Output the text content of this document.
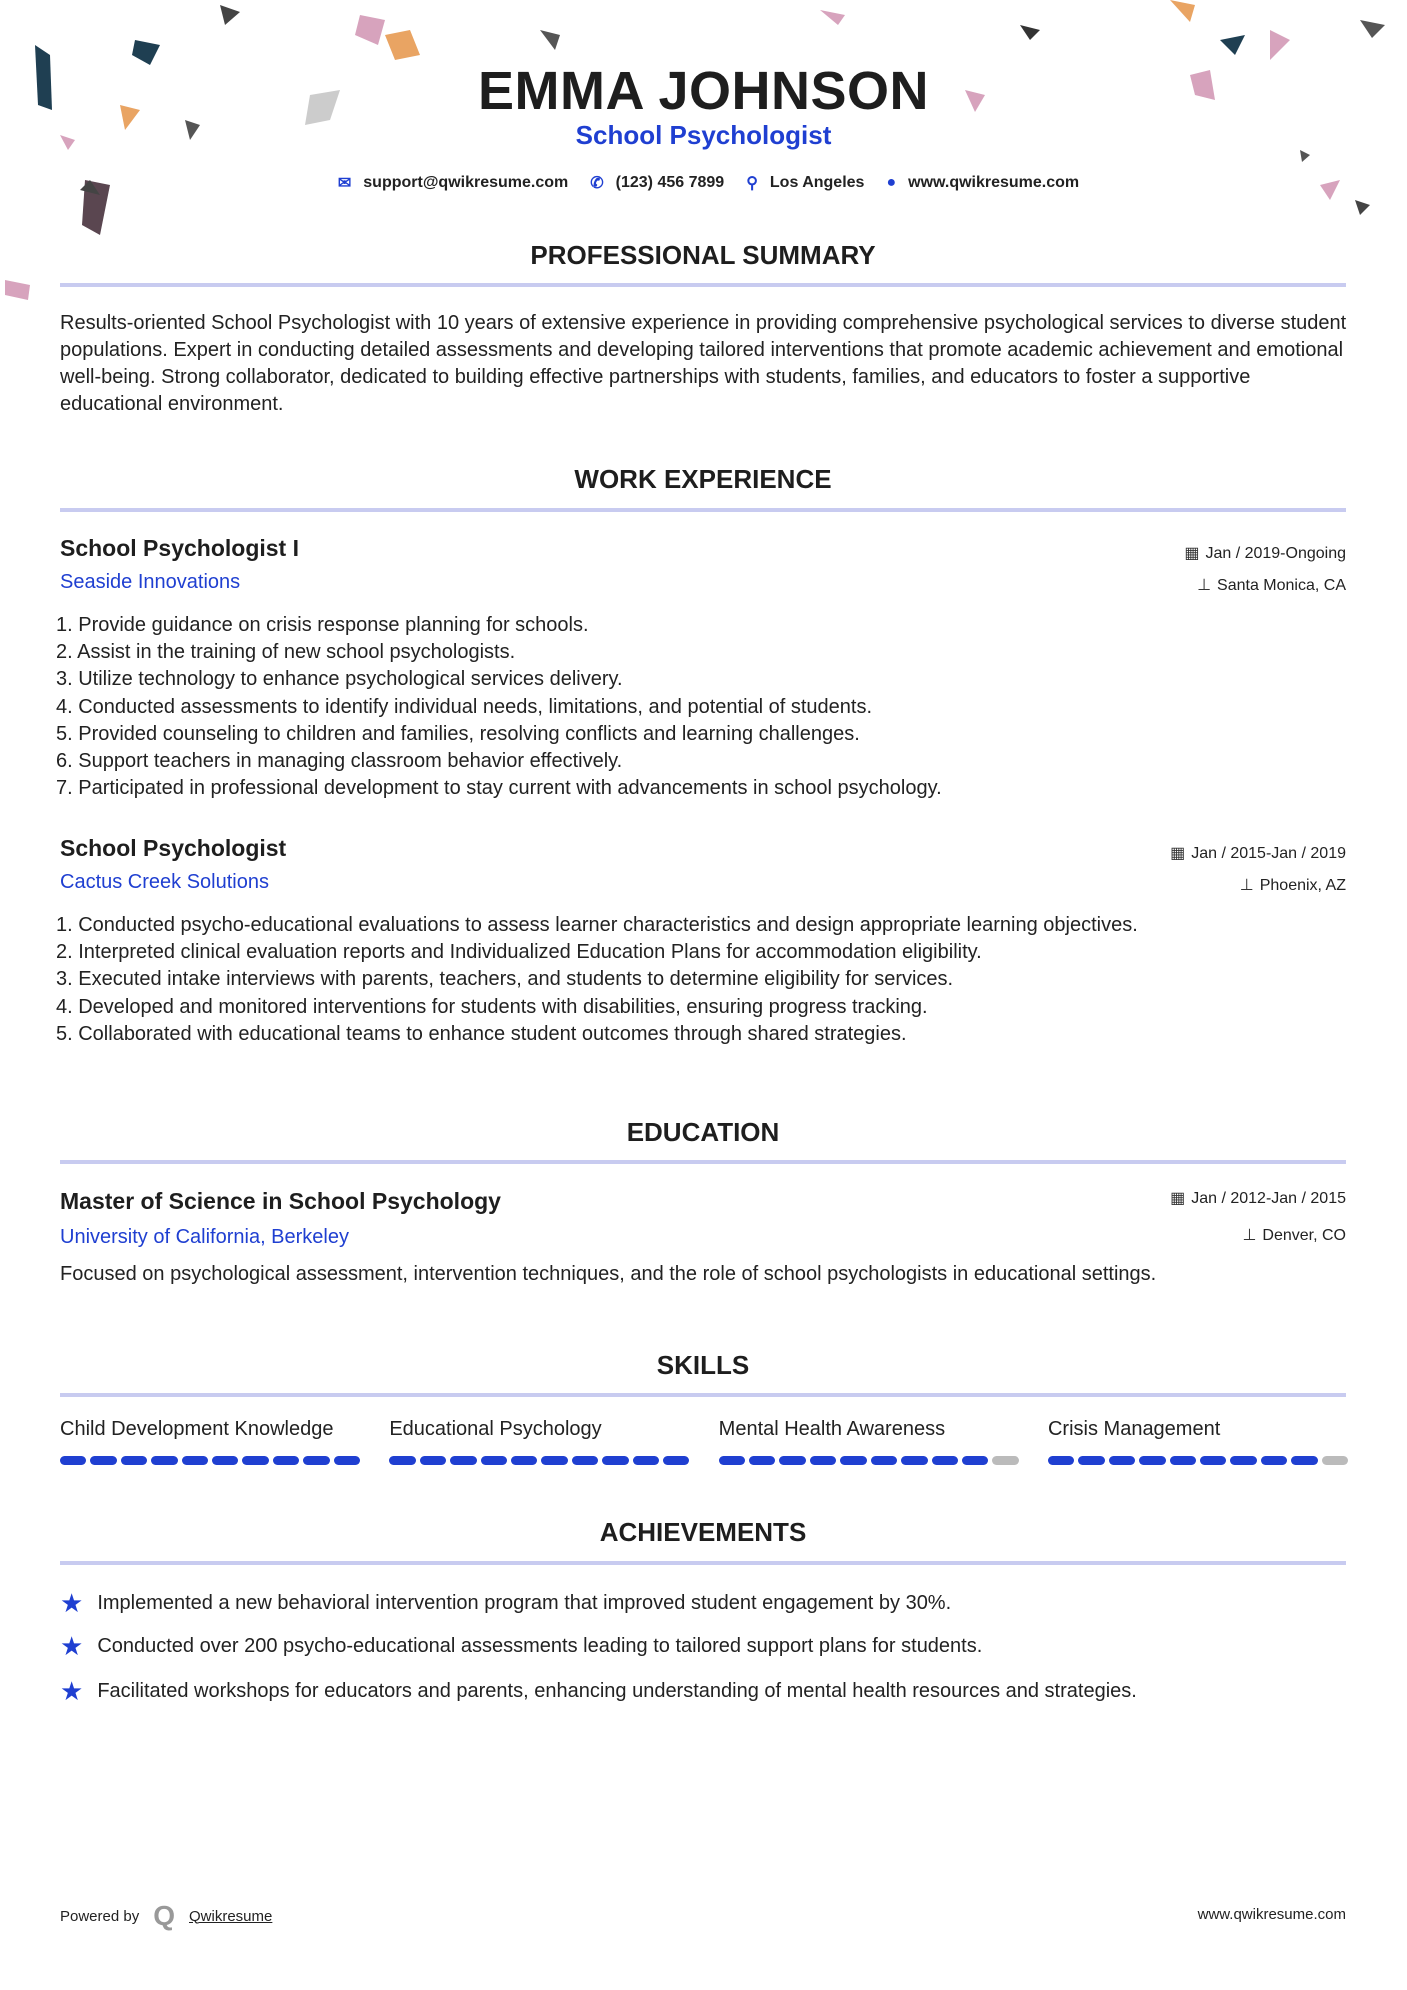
EMMA JOHNSON
School Psychologist
✉ support@qwikresume.com ✆ (123) 456 7899 ⚲ Los Angeles ● www.qwikresume.com
PROFESSIONAL SUMMARY
Results-oriented School Psychologist with 10 years of extensive experience in providing comprehensive psychological services to diverse student populations. Expert in conducting detailed assessments and developing tailored interventions that promote academic achievement and emotional well-being. Strong collaborator, dedicated to building effective partnerships with students, families, and educators to foster a supportive educational environment.
WORK EXPERIENCE
School Psychologist I
Seaside Innovations
▦ Jan / 2019-Ongoing
⊥ Santa Monica, CA
1. Provide guidance on crisis response planning for schools.
2. Assist in the training of new school psychologists.
3. Utilize technology to enhance psychological services delivery.
4. Conducted assessments to identify individual needs, limitations, and potential of students.
5. Provided counseling to children and families, resolving conflicts and learning challenges.
6. Support teachers in managing classroom behavior effectively.
7. Participated in professional development to stay current with advancements in school psychology.
School Psychologist
Cactus Creek Solutions
▦ Jan / 2015-Jan / 2019
⊥ Phoenix, AZ
1. Conducted psycho-educational evaluations to assess learner characteristics and design appropriate learning objectives.
2. Interpreted clinical evaluation reports and Individualized Education Plans for accommodation eligibility.
3. Executed intake interviews with parents, teachers, and students to determine eligibility for services.
4. Developed and monitored interventions for students with disabilities, ensuring progress tracking.
5. Collaborated with educational teams to enhance student outcomes through shared strategies.
EDUCATION
Master of Science in School Psychology
University of California, Berkeley
▦ Jan / 2012-Jan / 2015
⊥ Denver, CO
Focused on psychological assessment, intervention techniques, and the role of school psychologists in educational settings.
SKILLS
Child Development Knowledge	Educational Psychology	Mental Health Awareness	Crisis Management
ACHIEVEMENTS
★ Implemented a new behavioral intervention program that improved student engagement by 30%.
★ Conducted over 200 psycho-educational assessments leading to tailored support plans for students.
★ Facilitated workshops for educators and parents, enhancing understanding of mental health resources and strategies.
Powered by Q Qwikresume	www.qwikresume.com
